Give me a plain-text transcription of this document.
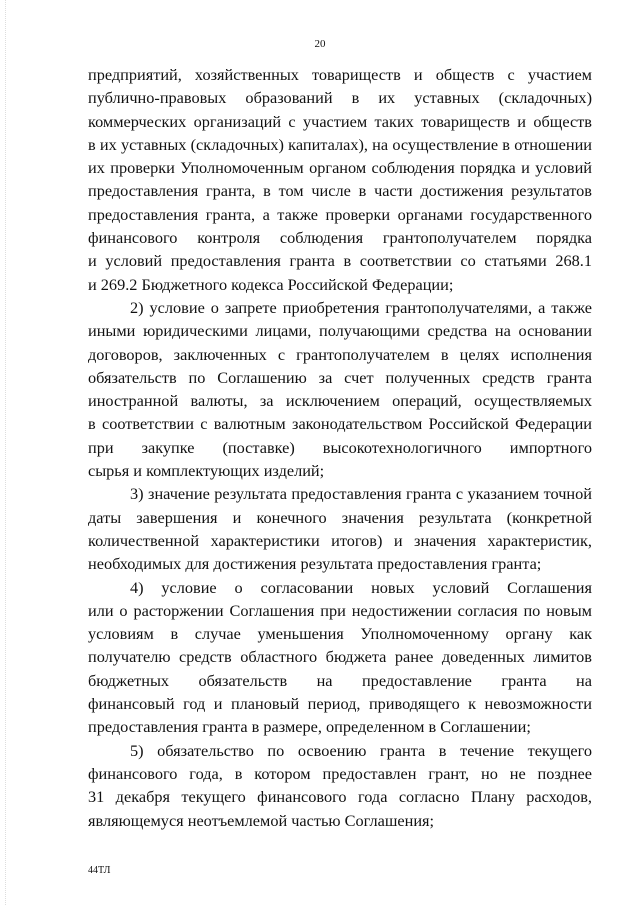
20
предприятий, хозяйственных товариществ и обществ с участием
публично-правовых образований в их уставных (складочных)
коммерческих организаций с участием таких товариществ и обществ
в их уставных (складочных) капиталах), на осуществление в отношении
их проверки Уполномоченным органом соблюдения порядка и условий
предоставления гранта, в том числе в части достижения результатов
предоставления гранта, а также проверки органами государственного
финансового контроля соблюдения грантополучателем порядка
и условий предоставления гранта в соответствии со статьями 268.1
и 269.2 Бюджетного кодекса Российской Федерации;
2) условие о запрете приобретения грантополучателями, а также
иными юридическими лицами, получающими средства на основании
договоров, заключенных с грантополучателем в целях исполнения
обязательств по Соглашению за счет полученных средств гранта
иностранной валюты, за исключением операций, осуществляемых
в соответствии с валютным законодательством Российской Федерации
при закупке (поставке) высокотехнологичного импортного
сырья и комплектующих изделий;
3) значение результата предоставления гранта с указанием точной
даты завершения и конечного значения результата (конкретной
количественной характеристики итогов) и значения характеристик,
необходимых для достижения результата предоставления гранта;
4) условие о согласовании новых условий Соглашения
или о расторжении Соглашения при недостижении согласия по новым
условиям в случае уменьшения Уполномоченному органу как
получателю средств областного бюджета ранее доведенных лимитов
бюджетных обязательств на предоставление гранта на
финансовый год и плановый период, приводящего к невозможности
предоставления гранта в размере, определенном в Соглашении;
5) обязательство по освоению гранта в течение текущего
финансового года, в котором предоставлен грант, но не позднее
31 декабря текущего финансового года согласно Плану расходов,
являющемуся неотъемлемой частью Соглашения;
44ТЛ
